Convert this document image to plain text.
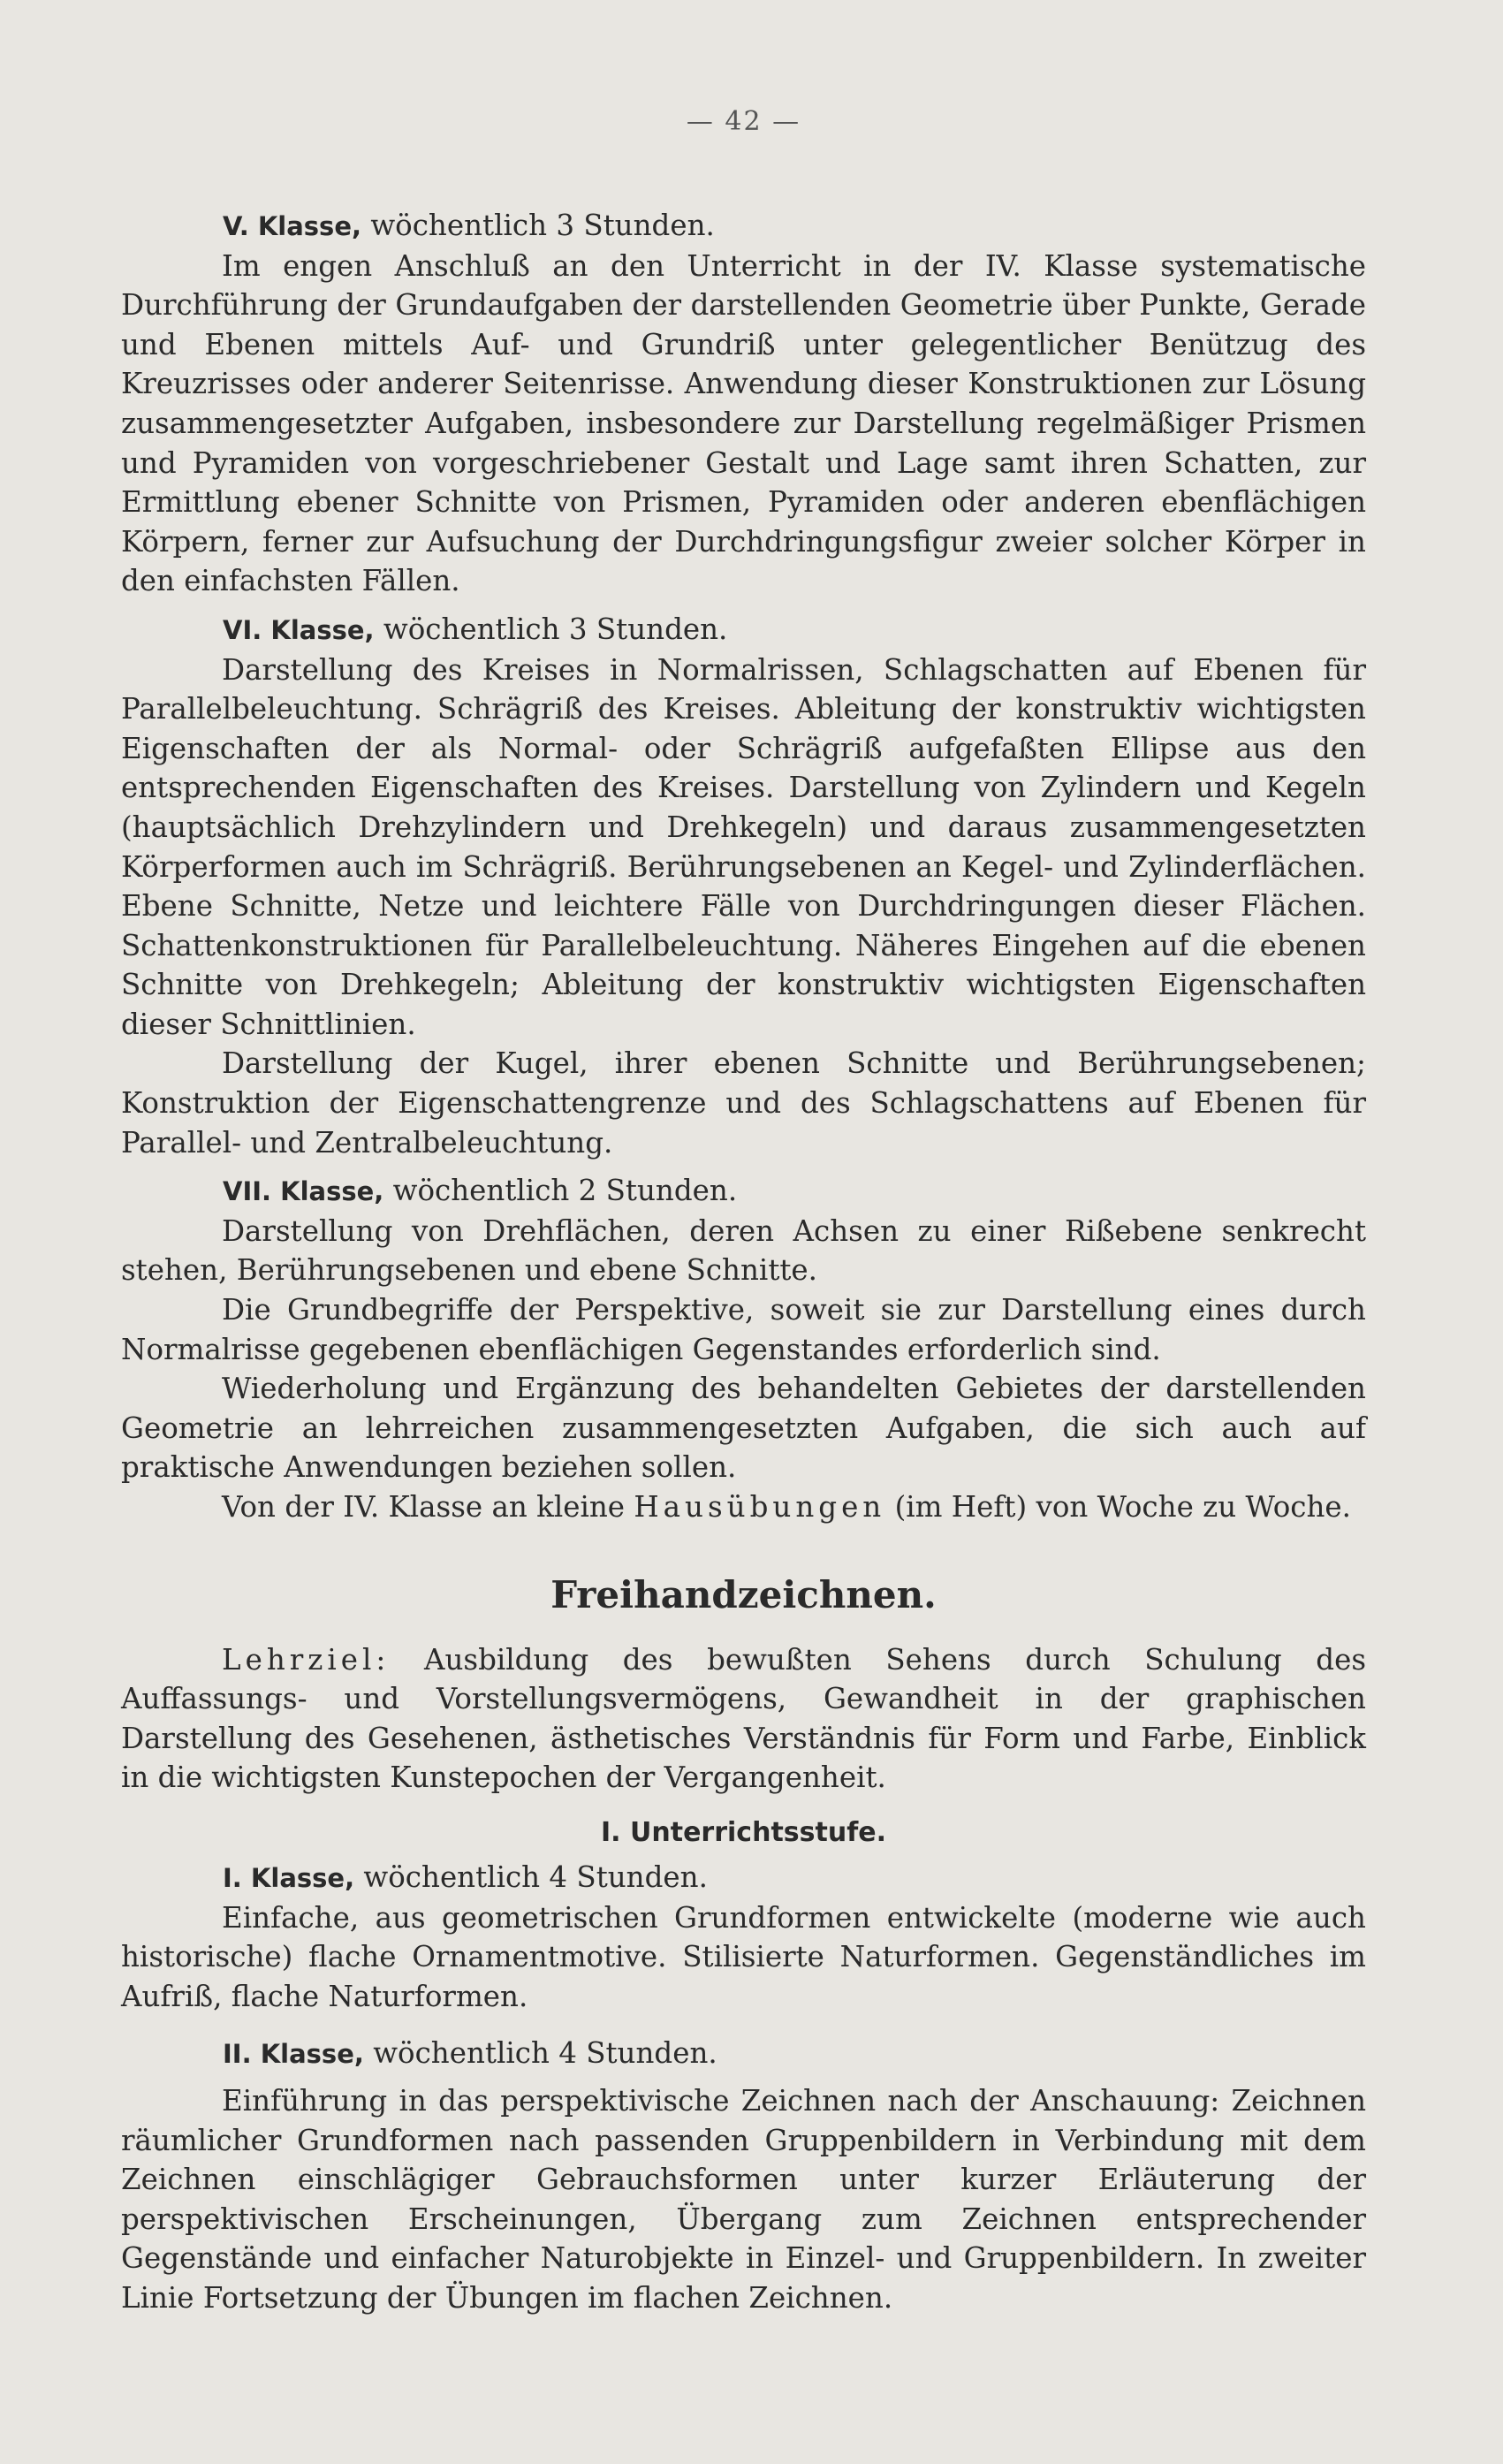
— 42 —
V. Klasse, wöchentlich 3 Stunden.

Im engen Anschluß an den Unterricht in der IV. Klasse systematische Durchführung der Grundaufgaben der darstellenden Geometrie über Punkte, Gerade und Ebenen mittels Auf- und Grundriß unter gelegentlicher Benützug des Kreuzrisses oder anderer Seitenrisse. Anwendung dieser Konstruktionen zur Lösung zusammengesetzter Aufgaben, insbesondere zur Darstellung regelmäßiger Prismen und Pyramiden von vorgeschriebener Gestalt und Lage samt ihren Schatten, zur Ermittlung ebener Schnitte von Prismen, Pyramiden oder anderen ebenflächigen Körpern, ferner zur Aufsuchung der Durchdringungsfigur zweier solcher Körper in den einfachsten Fällen.

VI. Klasse, wöchentlich 3 Stunden.

Darstellung des Kreises in Normalrissen, Schlagschatten auf Ebenen für Parallelbeleuchtung. Schrägriß des Kreises. Ableitung der konstruktiv wichtigsten Eigenschaften der als Normal- oder Schrägriß aufgefaßten Ellipse aus den entsprechenden Eigenschaften des Kreises. Darstellung von Zylindern und Kegeln (hauptsächlich Drehzylindern und Drehkegeln) und daraus zusammengesetzten Körperformen auch im Schrägriß. Berührungsebenen an Kegel- und Zylinderflächen. Ebene Schnitte, Netze und leichtere Fälle von Durchdringungen dieser Flächen. Schattenkonstruktionen für Parallelbeleuchtung. Näheres Eingehen auf die ebenen Schnitte von Drehkegeln; Ableitung der konstruktiv wichtigsten Eigenschaften dieser Schnittlinien.

Darstellung der Kugel, ihrer ebenen Schnitte und Berührungsebenen; Konstruktion der Eigenschattengrenze und des Schlagschattens auf Ebenen für Parallel- und Zentralbeleuchtung.

VII. Klasse, wöchentlich 2 Stunden.

Darstellung von Drehflächen, deren Achsen zu einer Rißebene senkrecht stehen, Berührungsebenen und ebene Schnitte.

Die Grundbegriffe der Perspektive, soweit sie zur Darstellung eines durch Normalrisse gegebenen ebenflächigen Gegenstandes erforderlich sind.

Wiederholung und Ergänzung des behandelten Gebietes der darstellenden Geometrie an lehrreichen zusammengesetzten Aufgaben, die sich auch auf praktische Anwendungen beziehen sollen.

Von der IV. Klasse an kleine Hausübungen (im Heft) von Woche zu Woche.

Freihandzeichnen.

Lehrziel: Ausbildung des bewußten Sehens durch Schulung des Auffassungs- und Vorstellungsvermögens, Gewandheit in der graphischen Darstellung des Gesehenen, ästhetisches Verständnis für Form und Farbe, Einblick in die wichtigsten Kunstepochen der Vergangenheit.

I. Unterrichtsstufe.
I. Klasse, wöchentlich 4 Stunden.

Einfache, aus geometrischen Grundformen entwickelte (moderne wie auch historische) flache Ornamentmotive. Stilisierte Naturformen. Gegenständliches im Aufriß, flache Naturformen.

II. Klasse, wöchentlich 4 Stunden.

Einführung in das perspektivische Zeichnen nach der Anschauung: Zeichnen räumlicher Grundformen nach passenden Gruppenbildern in Verbindung mit dem Zeichnen einschlägiger Gebrauchsformen unter kurzer Erläuterung der perspektivischen Erscheinungen, Übergang zum Zeichnen entsprechender Gegenstände und einfacher Naturobjekte in Einzel- und Gruppenbildern. In zweiter Linie Fortsetzung der Übungen im flachen Zeichnen.
